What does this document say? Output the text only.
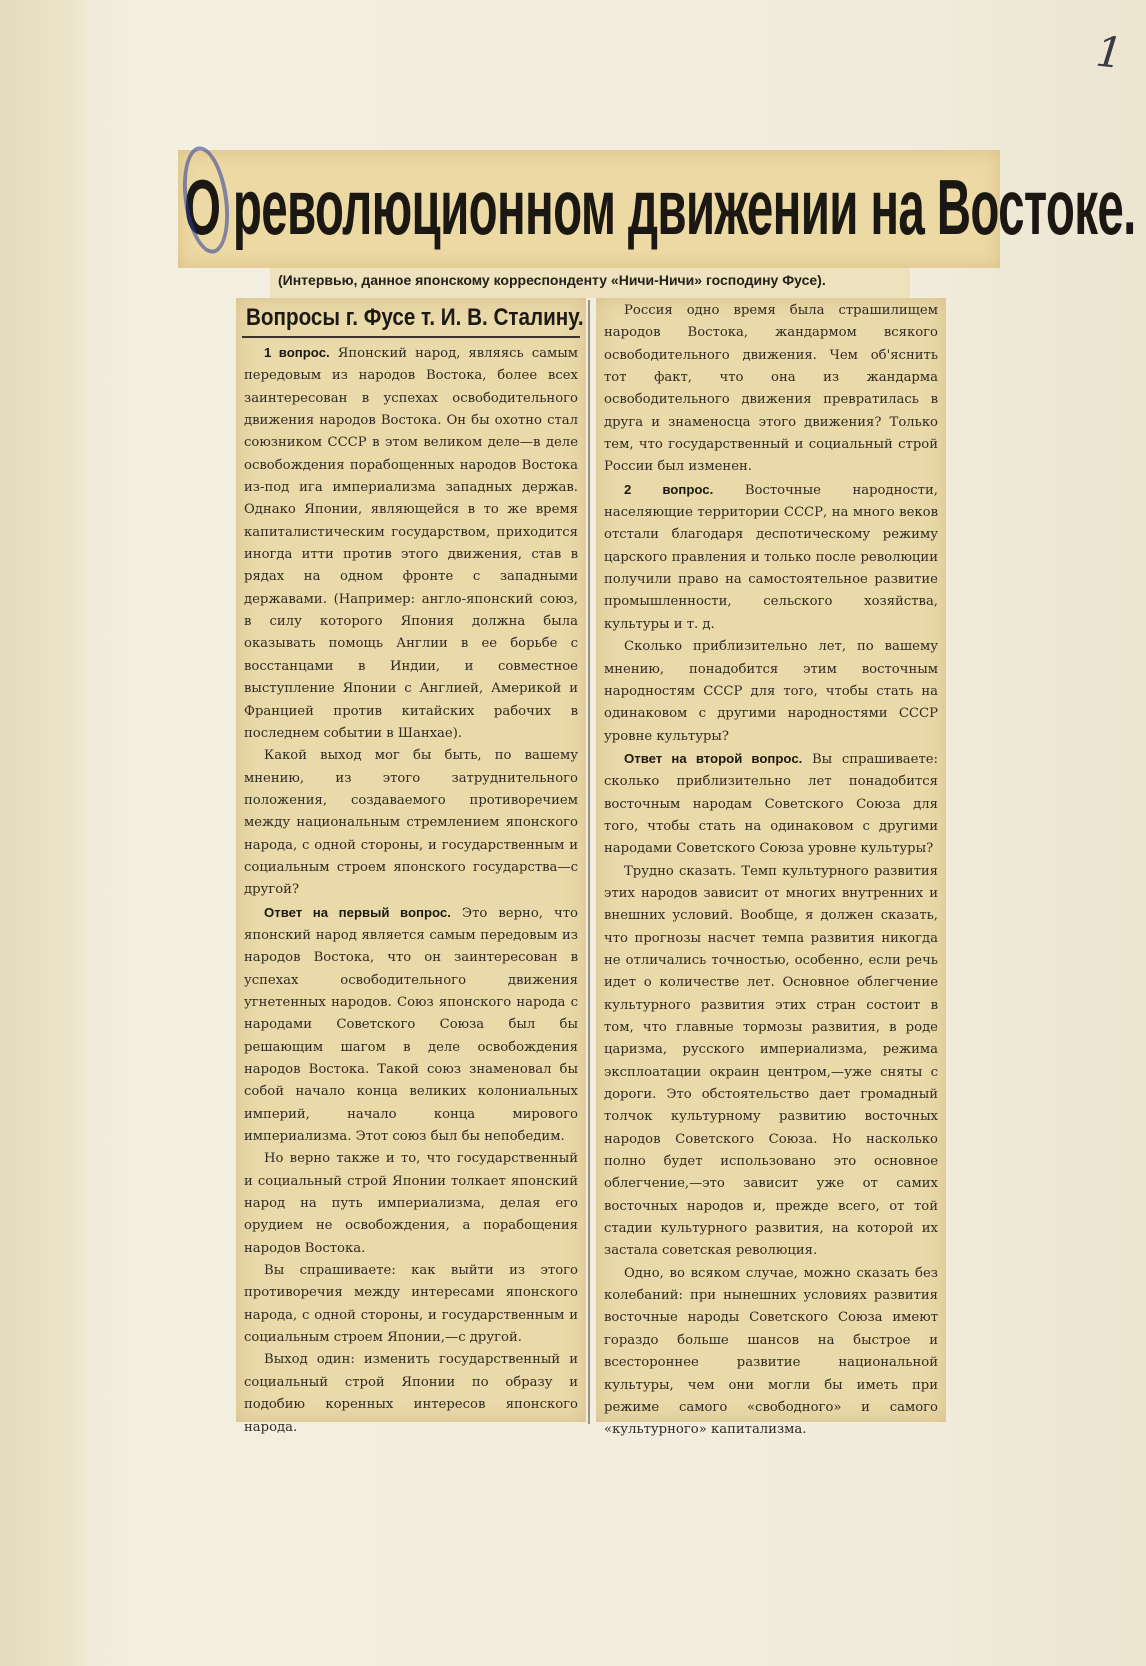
1
О революционном движении на Востоке.
(Интервью, данное японскому корреспонденту «Ничи-Ничи» господину Фусе).
Вопросы г. Фусе т. И. В. Сталину.

1 вопрос. Японский народ, являясь самым передовым из народов Востока, более всех заинтересован в успехах освободительного движения народов Востока. Он бы охотно стал союзником СССР в этом великом деле—в деле освобождения порабощенных народов Востока из-под ига империализма западных держав. Однако Японии, являющейся в то же время капиталистическим государством, приходится иногда итти против этого движения, став в рядах на одном фронте с западными державами. (Например: англо-японский союз, в силу которого Япония должна была оказывать помощь Англии в ее борьбе с восстанцами в Индии, и совместное выступление Японии с Англией, Америкой и Францией против китайских рабочих в последнем событии в Шанхае).

Какой выход мог бы быть, по вашему мнению, из этого затруднительного положения, создаваемого противоречием между национальным стремлением японского народа, с одной стороны, и государственным и социальным строем японского государства—с другой?

Ответ на первый вопрос. Это верно, что японский народ является самым передовым из народов Востока, что он заинтересован в успехах освободительного движения угнетенных народов. Союз японского народа с народами Советского Союза был бы решающим шагом в деле освобождения народов Востока. Такой союз знаменовал бы собой начало конца великих колониальных империй, начало конца мирового империализма. Этот союз был бы непобедим.

Но верно также и то, что государственный и социальный строй Японии толкает японский народ на путь империализма, делая его орудием не освобождения, а порабощения народов Востока.

Вы спрашиваете: как выйти из этого противоречия между интересами японского народа, с одной стороны, и государственным и социальным строем Японии,—с другой.

Выход один: изменить государственный и социальный строй Японии по образу и подобию коренных интересов японского народа.

Россия одно время была страшилищем народов Востока, жандармом всякого освободительного движения. Чем об'яснить тот факт, что она из жандарма освободительного движения превратилась в друга и знаменосца этого движения? Только тем, что государственный и социальный строй России был изменен.

2 вопрос. Восточные народности, населяющие территории СССР, на много веков отстали благодаря деспотическому режиму царского правления и только после революции получили право на самостоятельное развитие промышленности, сельского хозяйства, культуры и т. д.

Сколько приблизительно лет, по вашему мнению, понадобится этим восточным народностям СССР для того, чтобы стать на одинаковом с другими народностями СССР уровне культуры?

Ответ на второй вопрос. Вы спрашиваете: сколько приблизительно лет понадобится восточным народам Советского Союза для того, чтобы стать на одинаковом с другими народами Советского Союза уровне культуры?

Трудно сказать. Темп культурного развития этих народов зависит от многих внутренних и внешних условий. Вообще, я должен сказать, что прогнозы насчет темпа развития никогда не отличались точностью, особенно, если речь идет о количестве лет. Основное облегчение культурного развития этих стран состоит в том, что главные тормозы развития, в роде царизма, русского империализма, режима эксплоатации окраин центром,—уже сняты с дороги. Это обстоятельство дает громадный толчок культурному развитию восточных народов Советского Союза. Но насколько полно будет использовано это основное облегчение,—это зависит уже от самих восточных народов и, прежде всего, от той стадии культурного развития, на которой их застала советская революция.

Одно, во всяком случае, можно сказать без колебаний: при нынешних условиях развития восточные народы Советского Союза имеют гораздо больше шансов на быстрое и всестороннее развитие национальной культуры, чем они могли бы иметь при режиме самого «свободного» и самого «культурного» капитализма.
